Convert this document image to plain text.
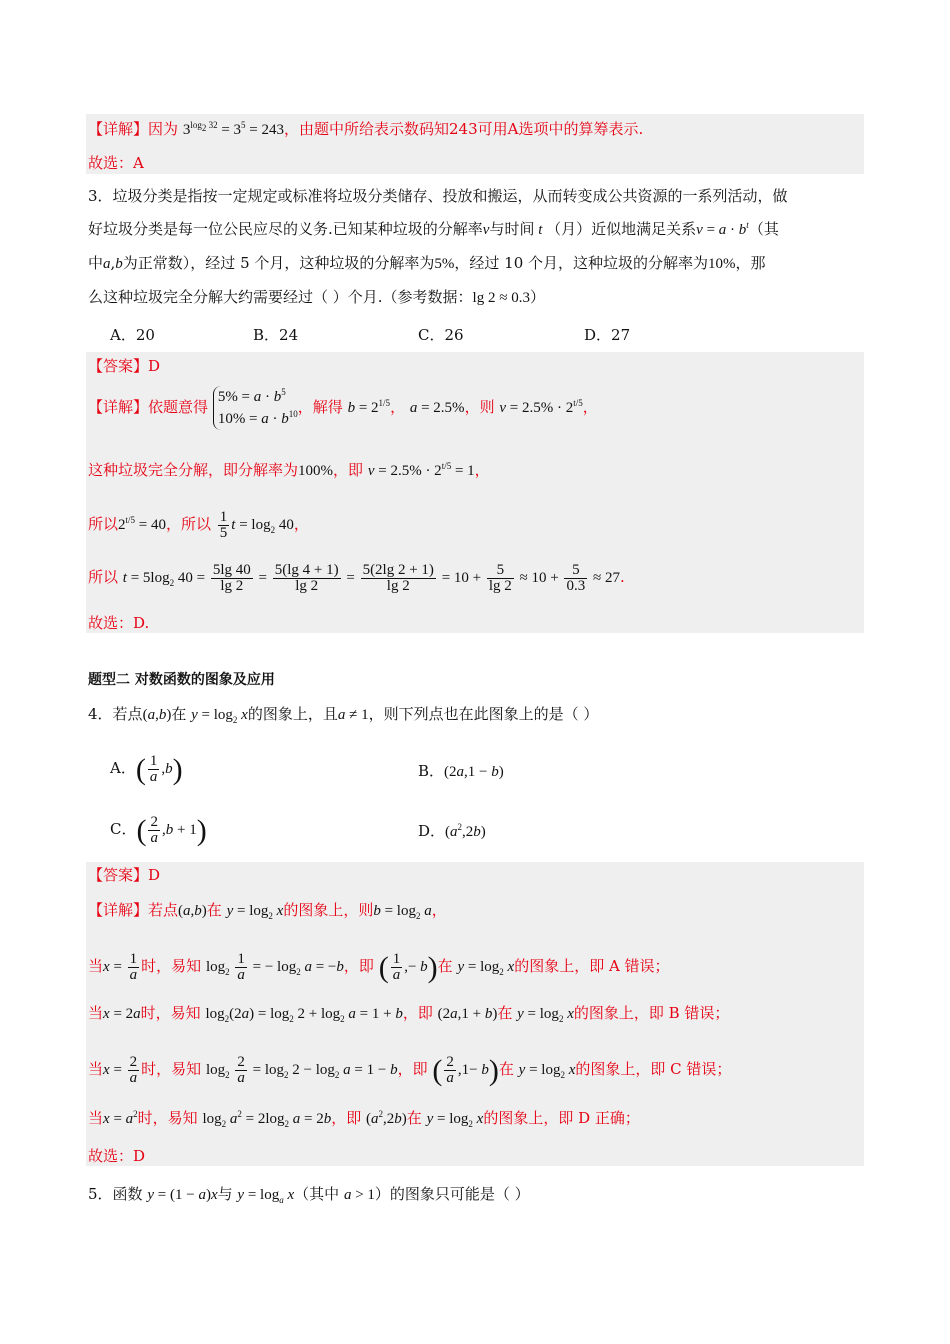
【详解】因为 $3^{log_2 32} = 3^5 = 243$，由题中所给表示数码知243可用A选项中的算筹表示.
故选：A
3．垃圾分类是指按一定规定或标准将垃圾分类储存、投放和搬运，从而转变成公共资源的一系列活动，做
好垃圾分类是每一位公民应尽的义务.已知某种垃圾的分解率v与时间 t （月）近似地满足关系$v = a \cdot b^t$（其
中a,b为正常数），经过 5 个月，这种垃圾的分解率为5%，经过 10 个月，这种垃圾的分解率为10%，那
么这种垃圾完全分解大约需要经过（ ）个月.（参考数据：lg 2 ≈ 0.3）
A．20	B．24	C．26	D．27
【答案】D
【详解】依题意得
$5\% = a \cdot b^5$
$10\% = a \cdot b^{10}$ ，解得 $b = 2^{1/5}$， a = 2.5%，则 $v = 2.5\% \cdot 2^{t/5}$，
这种垃圾完全分解，即分解率为100%，即 $v = 2.5\% \cdot 2^{t/5} = 1$，
所以$2^{t/5} = 40$，所以 $\frac{1}{5}$ $t = \log_2 40$，
所以 $t = 5\log_2$ $40 = \frac{5\lg 40}{\lg 2} = \frac{5(\lg 4 + 1)}{\lg 2} = \frac{5(2\lg 2 + 1)}{\lg 2} = 10 + \frac{5}{\lg 2} \approx 10 + \frac{5}{0.3} \approx 27$.
故选：D.
题型二 对数函数的图象及应用
4．若点(a,b)在 $y = \log_2 x$的图象上，且a ≠ 1，则下列点也在此图象上的是（ ）
A．( $\frac{1}{a} ,b$)	B．(2a,1 − b)
C．( $\frac{2}{a} ,b + 1$)	D．$(a^2,2b)$
【答案】D
【详解】若点(a,b)在 $y = \log_2 x$的图象上，则$b = \log_2 a$，
当$x = \frac{1}{a}$ 时，易知 $\log_2 \frac{1}{a}$ = − $\log_2 a = -b$，即 ( $\frac{1}{a}$ ,− b)在 $y = \log_2 x$的图象上，即 A 错误；
当x = 2a时，易知 $\log_2(2a) = \log_2 2 + \log_2 a = 1 + b$，即 (2a,1 + b)在 $y = \log_2 x$的图象上，即 B 错误；
当$x = \frac{2}{a}$ 时，易知 $\log_2 \frac{2}{a} = \log_2 2 - \log_2 a = 1 - b$，即 ( $\frac{2}{a} ,1- b$)在 $y = \log_2 x$的图象上，即 C 错误；
当$x = a^2$时，易知 $\log_2 a^2 = 2\log_2$ a = 2b，即 $(a^2,2b)$在 $y = \log_2 x$的图象上，即 D 正确；
故选：D
5．函数 y = (1 − a)x与 $y = \log_a x$（其中 a > 1）的图象只可能是（ ）
